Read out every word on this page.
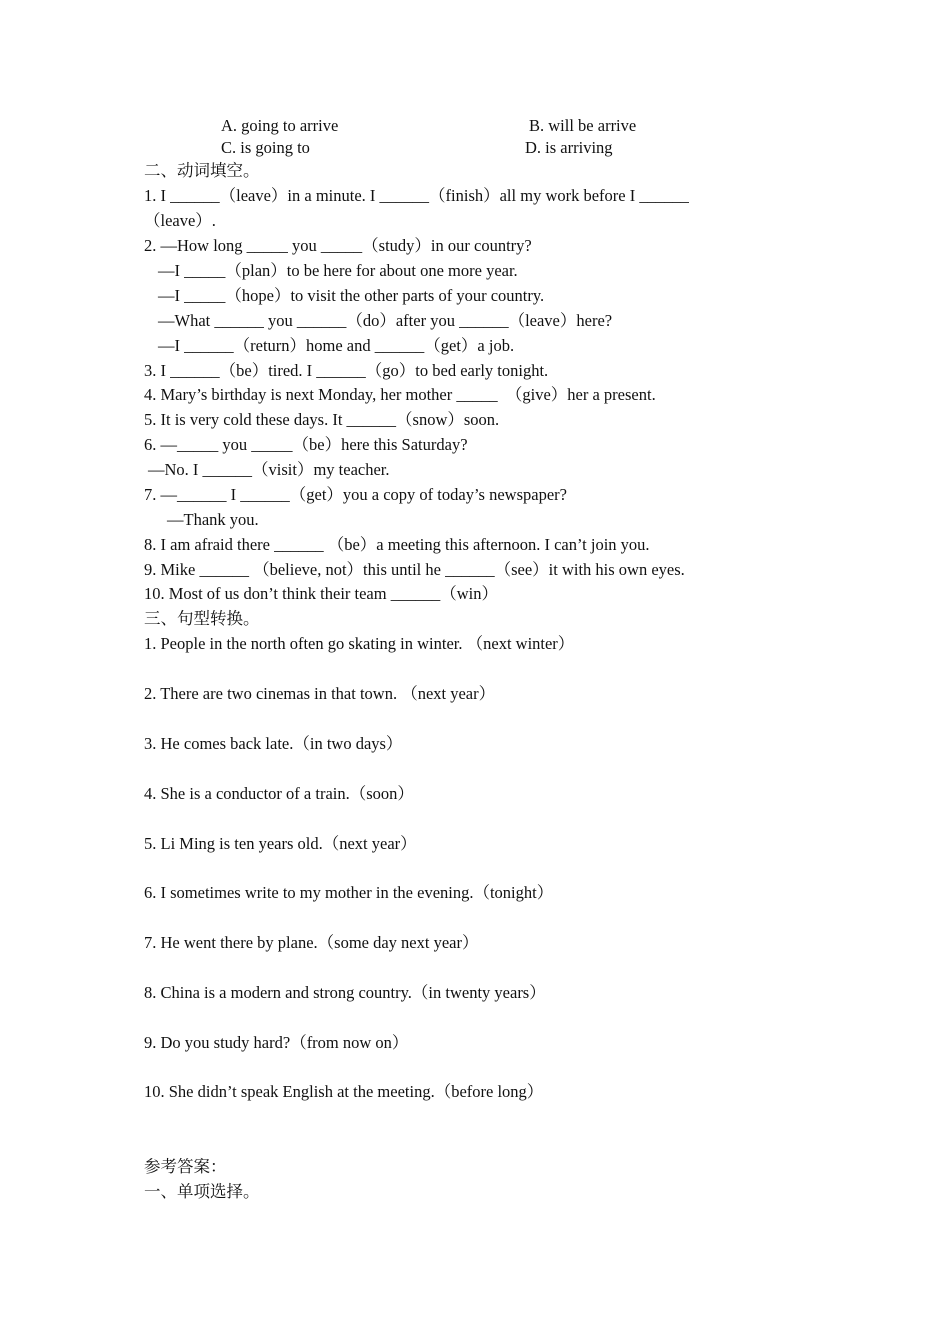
A. going to arrive	B. will be arrive
C. is going to	D. is arriving
二、动词填空。
1. I ______（leave）in a minute. I ______（finish）all my work before I ______
（leave）.
2. —How long _____ you _____（study）in our country?
—I _____（plan）to be here for about one more year.
—I _____（hope）to visit the other parts of your country.
—What ______ you ______（do）after you ______（leave）here?
—I ______（return）home and ______（get）a job.
3. I ______（be）tired. I ______（go）to bed early tonight.
4. Mary’s birthday is next Monday, her mother _____  （give）her a present.
5. It is very cold these days. It ______（snow）soon.
6. —_____ you _____（be）here this Saturday?
—No. I ______（visit）my teacher.
7. —______ I ______（get）you a copy of today’s newspaper?
—Thank you.
8. I am afraid there ______ （be）a meeting this afternoon. I can’t join you.
9. Mike ______ （believe, not）this until he ______（see）it with his own eyes.
10. Most of us don’t think their team ______（win）
三、句型转换。
1. People in the north often go skating in winter. （next winter）
2. There are two cinemas in that town. （next year）
3. He comes back late.（in two days）
4. She is a conductor of a train.（soon）
5. Li Ming is ten years old.（next year）
6. I sometimes write to my mother in the evening.（tonight）
7. He went there by plane.（some day next year）
8. China is a modern and strong country.（in twenty years）
9. Do you study hard?（from now on）
10. She didn’t speak English at the meeting.（before long）
参考答案：
一、单项选择。
